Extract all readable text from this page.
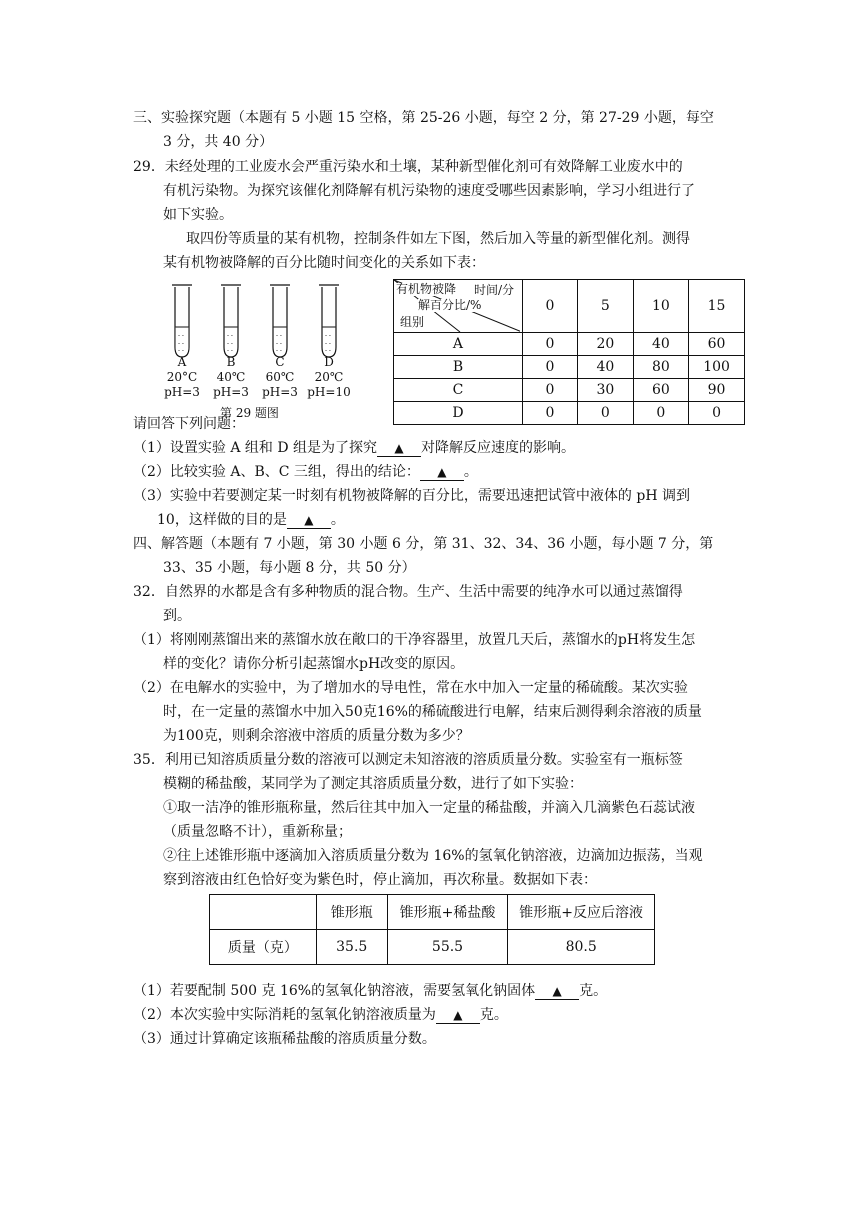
三、实验探究题（本题有 5 小题 15 空格，第 25-26 小题，每空 2 分，第 27-29 小题，每空
3 分，共 40 分）
29．未经处理的工业废水会严重污染水和土壤，某种新型催化剂可有效降解工业废水中的
有机污染物。为探究该催化剂降解有机污染物的速度受哪些因素影响，学习小组进行了
如下实验。
取四份等质量的某有机物，控制条件如左下图，然后加入等量的新型催化剂。测得
某有机物被降解的百分比随时间变化的关系如下表：
- -
- -
- -
- -
- -
- -
- -
- -
- -
- -
- -
- -
A
20°C
pH=3
B
40℃
pH=3
C
60℃
pH=3
D
20℃
pH=10
第 29 题图
有机物被降 时间/分
解百分比/%
组别	0	5	10	15
A	0	20	40	60
B	0	40	80	100
C	0	30	60	90
D	0	0	0	0
请回答下列问题：
（1）设置实验 A 组和 D 组是为了探究 ▲ 对降解反应速度的影响。
（2）比较实验 A、B、C 三组，得出的结论： ▲ 。
（3）实验中若要测定某一时刻有机物被降解的百分比，需要迅速把试管中液体的 pH 调到
10，这样做的目的是 ▲ 。
四、解答题（本题有 7 小题，第 30 小题 6 分，第 31、32、34、36 小题，每小题 7 分，第
33、35 小题，每小题 8 分，共 50 分）
32．自然界的水都是含有多种物质的混合物。生产、生活中需要的纯净水可以通过蒸馏得
到。
（1）将刚刚蒸馏出来的蒸馏水放在敞口的干净容器里，放置几天后，蒸馏水的pH将发生怎
样的变化？请你分析引起蒸馏水pH改变的原因。
（2）在电解水的实验中，为了增加水的导电性，常在水中加入一定量的稀硫酸。某次实验
时，在一定量的蒸馏水中加入50克16%的稀硫酸进行电解，结束后测得剩余溶液的质量
为100克，则剩余溶液中溶质的质量分数为多少？
35．利用已知溶质质量分数的溶液可以测定未知溶液的溶质质量分数。实验室有一瓶标签
模糊的稀盐酸，某同学为了测定其溶质质量分数，进行了如下实验：
①取一洁净的锥形瓶称量，然后往其中加入一定量的稀盐酸，并滴入几滴紫色石蕊试液
（质量忽略不计），重新称量；
②往上述锥形瓶中逐滴加入溶质质量分数为 16%的氢氧化钠溶液，边滴加边振荡，当观
察到溶液由红色恰好变为紫色时，停止滴加，再次称量。数据如下表：
	锥形瓶	锥形瓶+稀盐酸	锥形瓶+反应后溶液
质量（克）	35.5	55.5	80.5
（1）若要配制 500 克 16%的氢氧化钠溶液，需要氢氧化钠固体 ▲ 克。
（2）本次实验中实际消耗的氢氧化钠溶液质量为 ▲ 克。
（3）通过计算确定该瓶稀盐酸的溶质质量分数。
